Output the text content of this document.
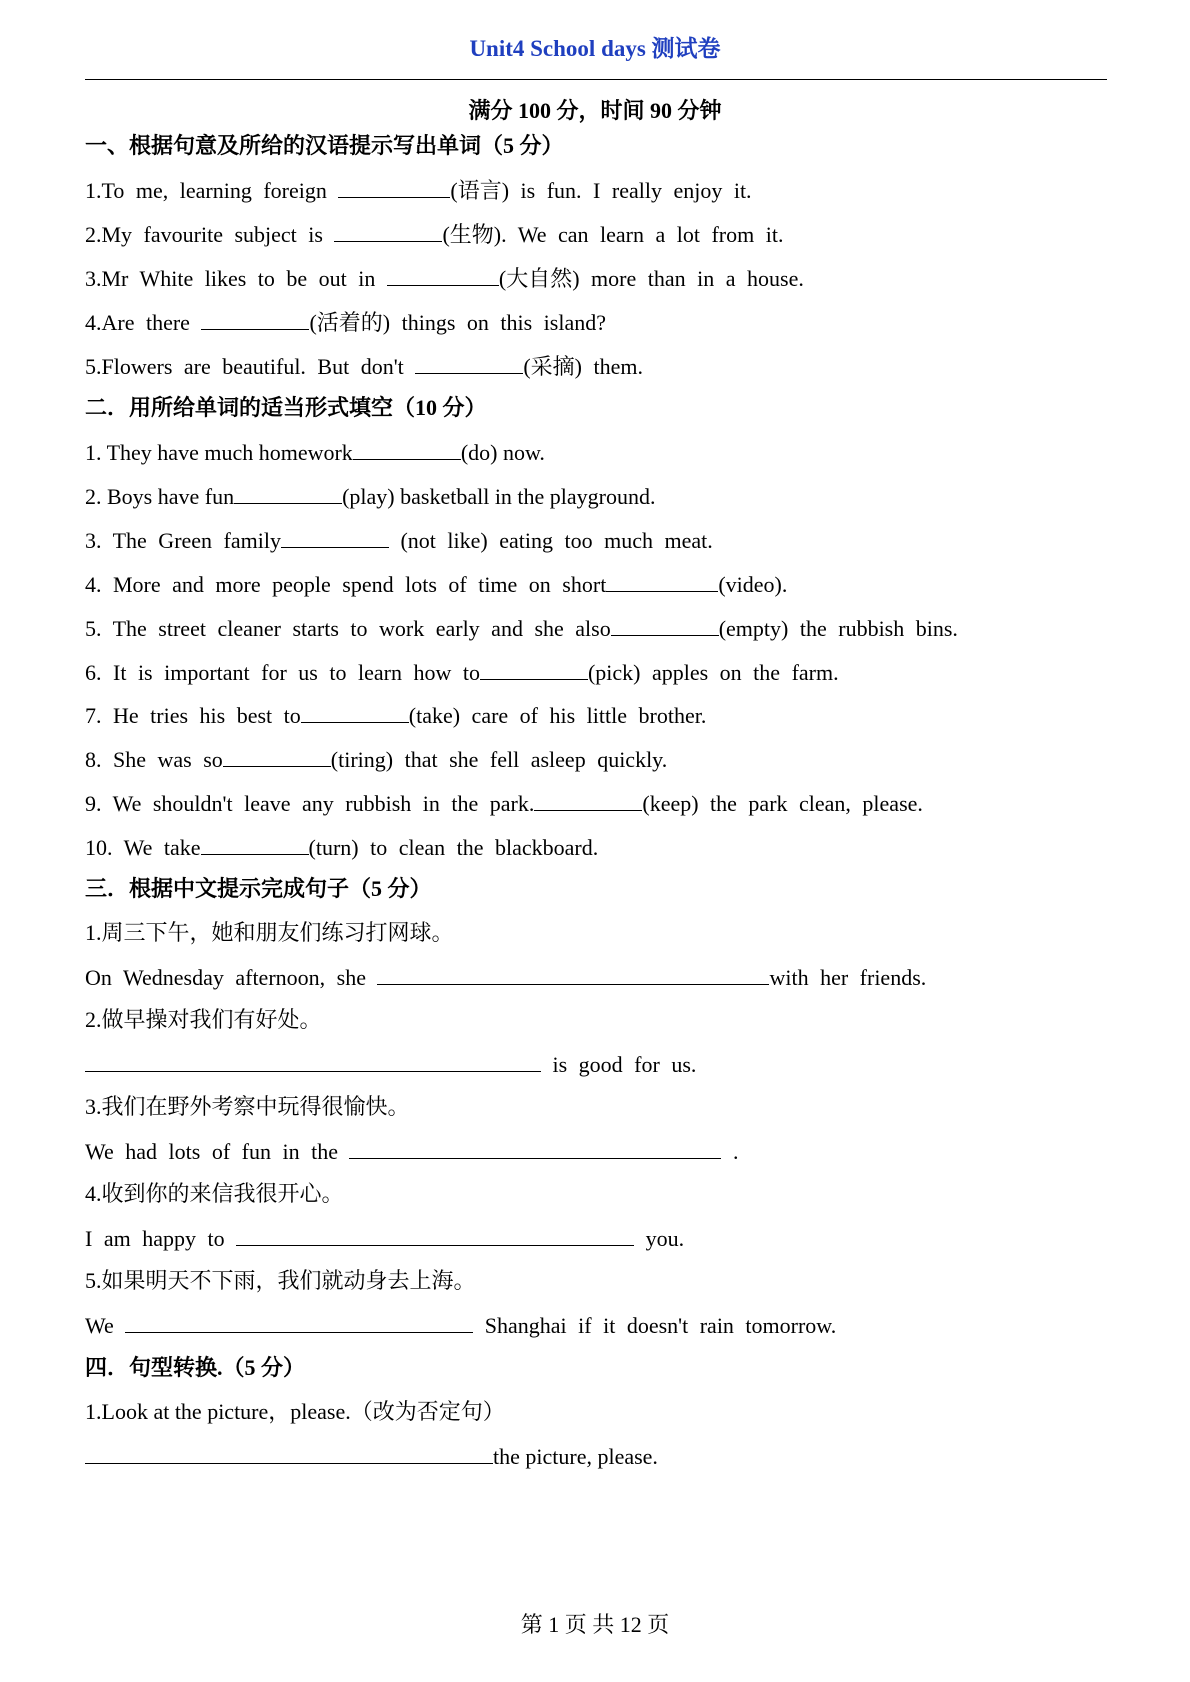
Unit4 School days 测试卷
满分 100 分，时间 90 分钟
一、根据句意及所给的汉语提示写出单词（5 分）
1.To me, learning foreign	(语言) is fun. I really enjoy it.
2.My favourite subject is	(生物). We can learn a lot from it.
3.Mr White likes to be out in	(大自然) more than in a house.
4.Are there	(活着的) things on this island?
5.Flowers are beautiful. But don't	(采摘) them.
二．用所给单词的适当形式填空（10 分）
1. They have much homework	(do) now.
2. Boys have fun	(play) basketball in the playground.
3. The Green family	(not like) eating too much meat.
4. More and more people spend lots of time on short	(video).
5. The street cleaner starts to work early and she also	(empty) the rubbish bins.
6. It is important for us to learn how to	(pick) apples on the farm.
7. He tries his best to	(take) care of his little brother.
8. She was so	(tiring) that she fell asleep quickly.
9. We shouldn't leave any rubbish in the park.	(keep) the park clean, please.
10. We take	(turn) to clean the blackboard.
三．根据中文提示完成句子（5 分）
1.周三下午，她和朋友们练习打网球。
On Wednesday afternoon, she	with her friends.
2.做早操对我们有好处。
is good for us.
3.我们在野外考察中玩得很愉快。
We had lots of fun in the	.
4.收到你的来信我很开心。
I am happy to	you.
5.如果明天不下雨，我们就动身去上海。
We	Shanghai if it doesn't rain tomorrow.
四．句型转换.（5 分）
1.Look at the picture，please.（改为否定句）
the picture, please.
第 1 页 共 12 页
